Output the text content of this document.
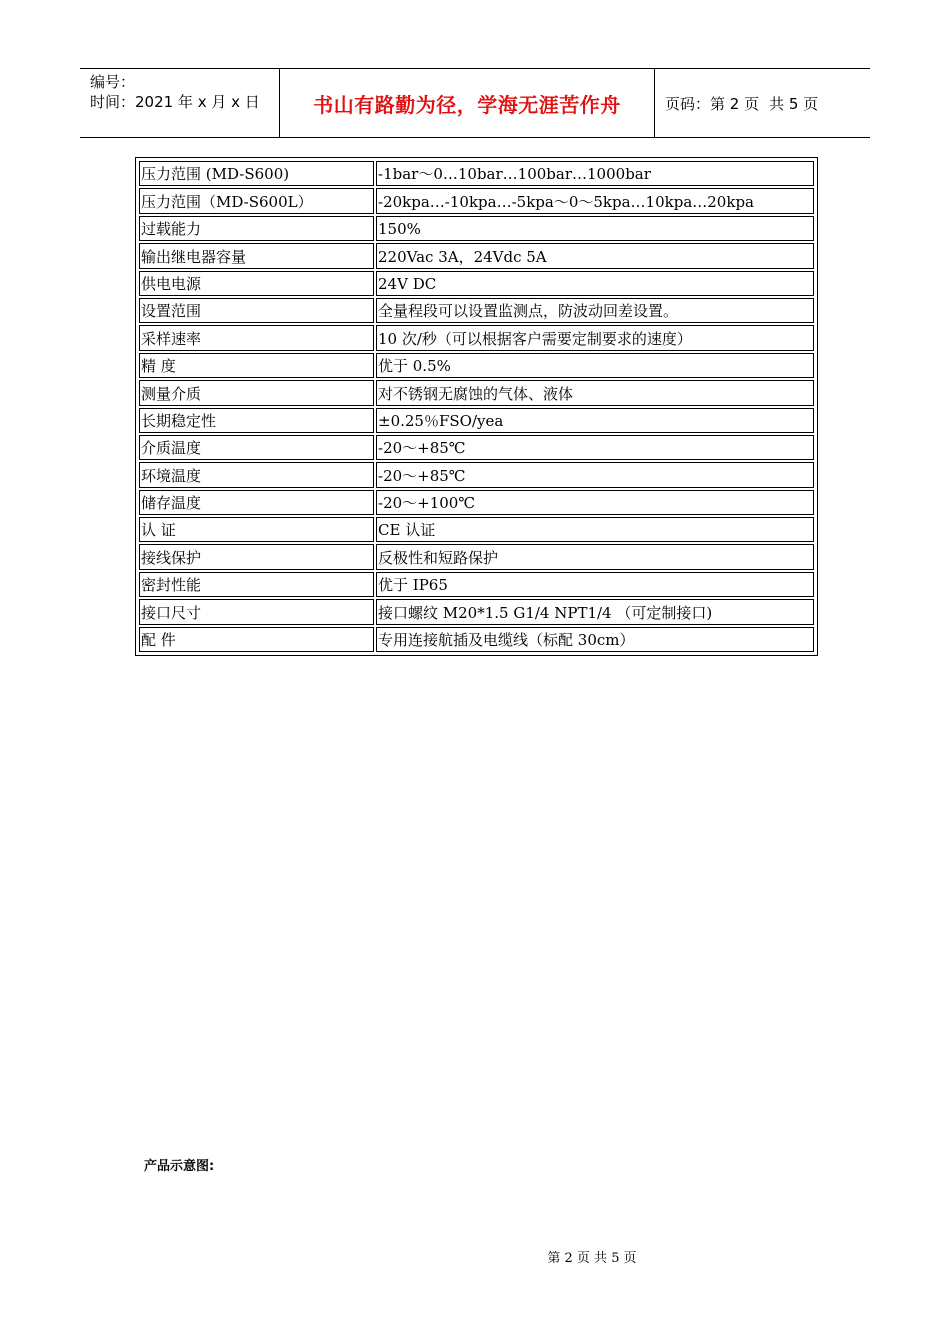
编号：
时间：2021 年 x 月 x 日	书山有路勤为径，学海无涯苦作舟	页码：第 2 页 共 5 页
压力范围 (MD-S600)	-1bar～0…10bar…100bar…1000bar
压力范围（MD-S600L）	-20kpa…-10kpa…-5kpa～0～5kpa…10kpa…20kpa
过载能力	150%
输出继电器容量	220Vac 3A，24Vdc 5A
供电电源	24V DC
设置范围	全量程段可以设置监测点，防波动回差设置。
采样速率	10 次/秒（可以根据客户需要定制要求的速度）
精 度	优于 0.5%
测量介质	对不锈钢无腐蚀的气体、液体
长期稳定性	±0.25％FSO/yea
介质温度	-20～+85℃
环境温度	-20～+85℃
储存温度	-20～+100℃
认 证	CE 认证
接线保护	反极性和短路保护
密封性能	优于 IP65
接口尺寸	接口螺纹 M20*1.5 G1/4 NPT1/4 （可定制接口)
配 件	专用连接航插及电缆线（标配 30cm）
产品示意图:
第 2 页 共 5 页
